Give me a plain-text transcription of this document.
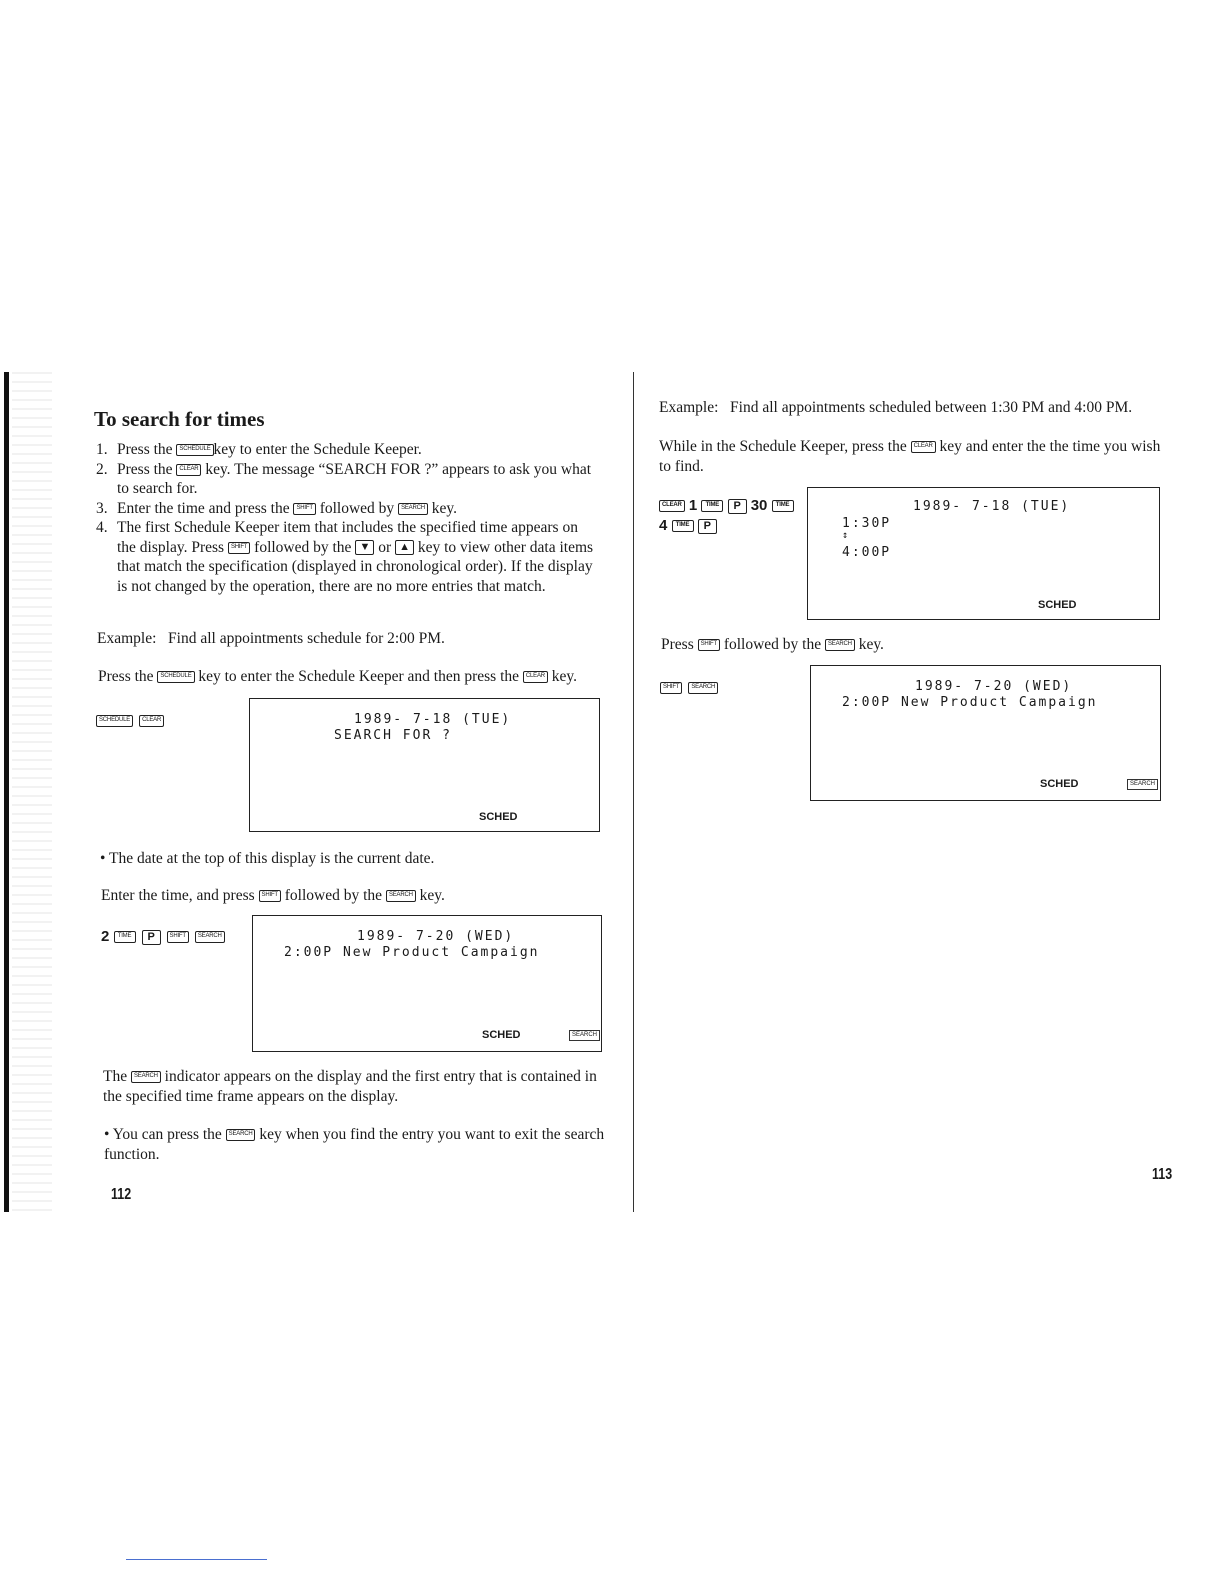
To search for times
1. Press the SCHEDULE key to enter the Schedule Keeper.
2. Press the CLEAR key. The message “SEARCH FOR ?” appears to ask you what to search for.
3. Enter the time and press the SHIFT followed by SEARCH key.
4. The first Schedule Keeper item that includes the specified time appears on the display. Press SHIFT followed by the ▼ or ▲ key to view other data items that match the specification (displayed in chronological order). If the display is not changed by the operation, there are no more entries that match.
Example: Find all appointments schedule for 2:00 PM.
Press the SCHEDULE key to enter the Schedule Keeper and then press the CLEAR key.
SCHEDULE CLEAR	1989- 7-18 (TUE)
SEARCH FOR ?
SCHED
• The date at the top of this display is the current date.
Enter the time, and press SHIFT followed by the SEARCH key.
2 TIME P SHIFT SEARCH	1989- 7-20 (WED)
2:00P New Product Campaign
SCHED	SEARCH
The SEARCH indicator appears on the display and the first entry that is contained in the specified time frame appears on the display.
• You can press the SEARCH key when you find the entry you want to exit the search function.
112
Example: Find all appointments scheduled between 1:30 PM and 4:00 PM.
While in the Schedule Keeper, press the CLEAR key and enter the the time you wish to find.
CLEAR 1 TIME P 30 TIME
4 TIME P
1989- 7-18 (TUE)
1:30P
↕
4:00P
SCHED
Press SHIFT followed by the SEARCH key.
SHIFT SEARCH	1989- 7-20 (WED)
2:00P New Product Campaign
SCHED	SEARCH
113
